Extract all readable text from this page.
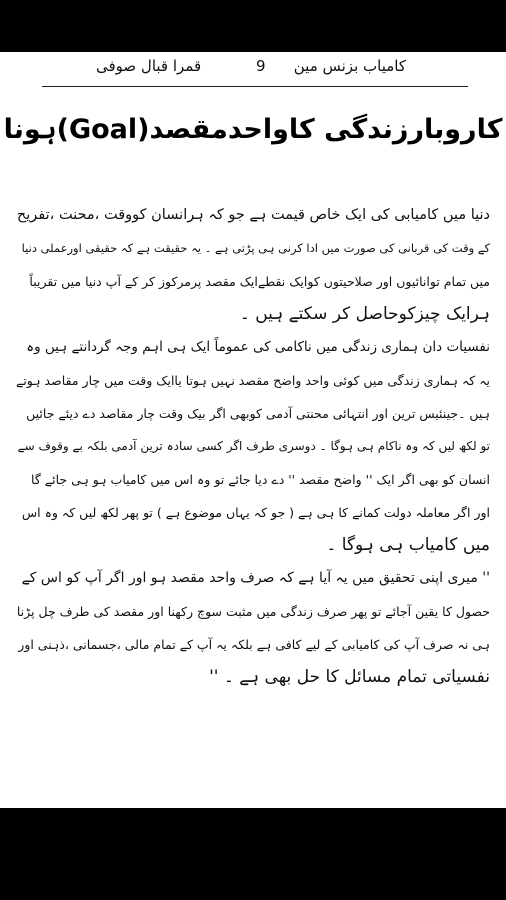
قمرا قبال صوفی	9 کامیاب بزنس مین
کاروبارزندگی کاواحدمقصد(Goal)ہونا
دنیا میں کامیابی کی ایک خاص قیمت ہے جو کہ ہرانسان کووقت ،محنت ،تفریح
کے وقت کی قربانی کی صورت میں ادا کرنی ہی پڑتی ہے ۔ یہ حقیقت ہے کہ حقیقی اورعملی دنیا
میں تمام توانائیوں اور صلاحیتوں کوایک نقطےایک مقصد پرمرکوز کر کے آپ دنیا میں تقریباً
ہرایک چیزکوحاصل کر سکتے ہیں ۔
نفسیات دان ہماری زندگی میں ناکامی کی عموماً ایک ہی اہم وجہ گردانتے ہیں وہ
یہ کہ ہماری زندگی میں کوئی واحد واضح مقصد نہیں ہوتا یاایک وقت میں چار مقاصد ہوتے
ہیں ۔جینئیس ترین اور انتہائی محنتی آدمی کوبھی اگر بیک وقت چار مقاصد دے دیئے جائیں
تو لکھ لیں کہ وہ ناکام ہی ہوگا ۔ دوسری طرف اگر کسی سادہ ترین آدمی بلکہ بے وقوف سے
انسان کو بھی اگر ایک '' واضح مقصد '' دے دیا جائے تو وہ اس میں کامیاب ہو ہی جائے گا
اور اگر معاملہ دولت کمانے کا ہی ہے ( جو کہ یہاں موضوع ہے ) تو پھر لکھ لیں کہ وہ اس
میں کامیاب ہی ہوگا ۔
'' میری اپنی تحقیق میں یہ آیا ہے کہ صرف واحد مقصد ہو اور اگر آپ کو اس کے
حصول کا یقین آجائے تو پھر صرف زندگی میں مثبت سوچ رکھنا اور مقصد کی طرف چل پڑنا
ہی نہ صرف آپ کی کامیابی کے لیے کافی ہے بلکہ یہ آپ کے تمام مالی ،جسمانی ،ذہنی اور
نفسیاتی تمام مسائل کا حل بھی ہے ۔ ''
